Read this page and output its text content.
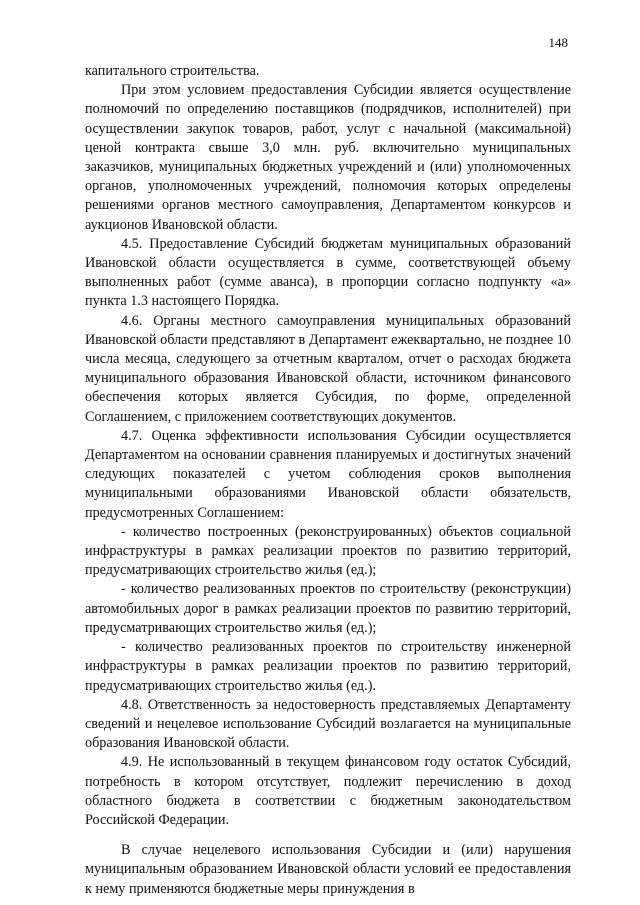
148

капитального строительства.

При этом условием предоставления Субсидии является осуществление полномочий по определению поставщиков (подрядчиков, исполнителей) при осуществлении закупок товаров, работ, услуг с начальной (максимальной) ценой контракта свыше 3,0 млн. руб. включительно муниципальных заказчиков, муниципальных бюджетных учреждений и (или) уполномоченных органов, уполномоченных учреждений, полномочия которых определены решениями органов местного самоуправления, Департаментом конкурсов и аукционов Ивановской области.

4.5. Предоставление Субсидий бюджетам муниципальных образований Ивановской области осуществляется в сумме, соответствующей объему выполненных работ (сумме аванса), в пропорции согласно подпункту «а» пункта 1.3 настоящего Порядка.

4.6. Органы местного самоуправления муниципальных образований Ивановской области представляют в Департамент ежеквартально, не позднее 10 числа месяца, следующего за отчетным кварталом, отчет о расходах бюджета муниципального образования Ивановской области, источником финансового обеспечения которых является Субсидия, по форме, определенной Соглашением, с приложением соответствующих документов.

4.7. Оценка эффективности использования Субсидии осуществляется Департаментом на основании сравнения планируемых и достигнутых значений следующих показателей с учетом соблюдения сроков выполнения муниципальными образованиями Ивановской области обязательств, предусмотренных Соглашением:

- количество построенных (реконструированных) объектов социальной инфраструктуры в рамках реализации проектов по развитию территорий, предусматривающих строительство жилья (ед.);

- количество реализованных проектов по строительству (реконструкции) автомобильных дорог в рамках реализации проектов по развитию территорий, предусматривающих строительство жилья (ед.);

- количество реализованных проектов по строительству инженерной инфраструктуры в рамках реализации проектов по развитию территорий, предусматривающих строительство жилья (ед.).

4.8. Ответственность за недостоверность представляемых Департаменту сведений и нецелевое использование Субсидий возлагается на муниципальные образования Ивановской области.

4.9. Не использованный в текущем финансовом году остаток Субсидий, потребность в котором отсутствует, подлежит перечислению в доход областного бюджета в соответствии с бюджетным законодательством Российской Федерации.

В случае нецелевого использования Субсидии и (или) нарушения муниципальным образованием Ивановской области условий ее предоставления к нему применяются бюджетные меры принуждения в
